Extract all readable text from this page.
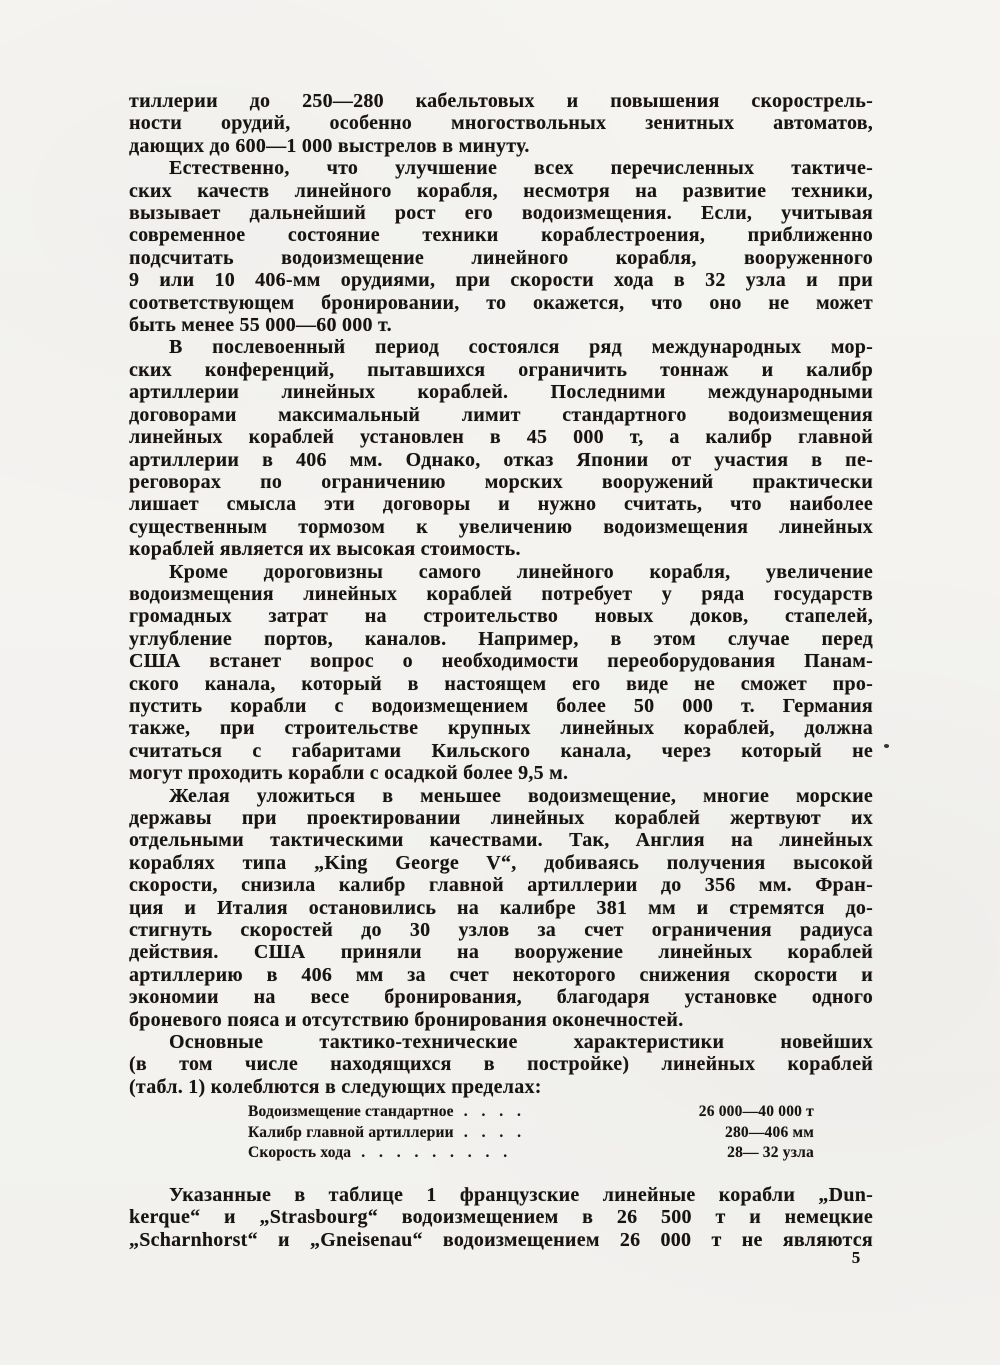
тиллерии до 250—280 кабельтовых и повышения скорострель-
ности орудий, особенно многоствольных зенитных автоматов,
дающих до 600—1 000 выстрелов в минуту.
Естественно, что улучшение всех перечисленных тактиче-
ских качеств линейного корабля, несмотря на развитие техники,
вызывает дальнейший рост его водоизмещения. Если, учитывая
современное состояние техники кораблестроения, приближенно
подсчитать водоизмещение линейного корабля, вооруженного
9 или 10 406-мм орудиями, при скорости хода в 32 узла и при
соответствующем бронировании, то окажется, что оно не может
быть менее 55 000—60 000 т.
В послевоенный период состоялся ряд международных мор-
ских конференций, пытавшихся ограничить тоннаж и калибр
артиллерии линейных кораблей. Последними международными
договорами максимальный лимит стандартного водоизмещения
линейных кораблей установлен в 45 000 т, а калибр главной
артиллерии в 406 мм. Однако, отказ Японии от участия в пе-
реговорах по ограничению морских вооружений практически
лишает смысла эти договоры и нужно считать, что наиболее
существенным тормозом к увеличению водоизмещения линейных
кораблей является их высокая стоимость.
Кроме дороговизны самого линейного корабля, увеличение
водоизмещения линейных кораблей потребует у ряда государств
громадных затрат на строительство новых доков, стапелей,
углубление портов, каналов. Например, в этом случае перед
США встанет вопрос о необходимости переоборудования Панам-
ского канала, который в настоящем его виде не сможет про-
пустить корабли с водоизмещением более 50 000 т. Германия
также, при строительстве крупных линейных кораблей, должна
считаться с габаритами Кильского канала, через который не
могут проходить корабли с осадкой более 9,5 м.
Желая уложиться в меньшее водоизмещение, многие морские
державы при проектировании линейных кораблей жертвуют их
отдельными тактическими качествами. Так, Англия на линейных
кораблях типа „King George V“, добиваясь получения высокой
скорости, снизила калибр главной артиллерии до 356 мм. Фран-
ция и Италия остановились на калибре 381 мм и стремятся до-
стигнуть скоростей до 30 узлов за счет ограничения радиуса
действия. США приняли на вооружение линейных кораблей
артиллерию в 406 мм за счет некоторого снижения скорости и
экономии на весе бронирования, благодаря установке одного
броневого пояса и отсутствию бронирования оконечностей.
Основные тактико-технические характеристики новейших
(в том числе находящихся в постройке) линейных кораблей
(табл. 1) колеблются в следующих пределах:
Водоизмещение стандартное . . . .	26 000—40 000 т
Калибр главной артиллерии . . . .	280—406 мм
Скорость хода . . . . . . . . .	28— 32 узла
Указанные в таблице 1 французские линейные корабли „Dun-
kerque“ и „Strasbourg“ водоизмещением в 26 500 т и немецкие
„Scharnhorst“ и „Gneisenau“ водоизмещением 26 000 т не являются
5
